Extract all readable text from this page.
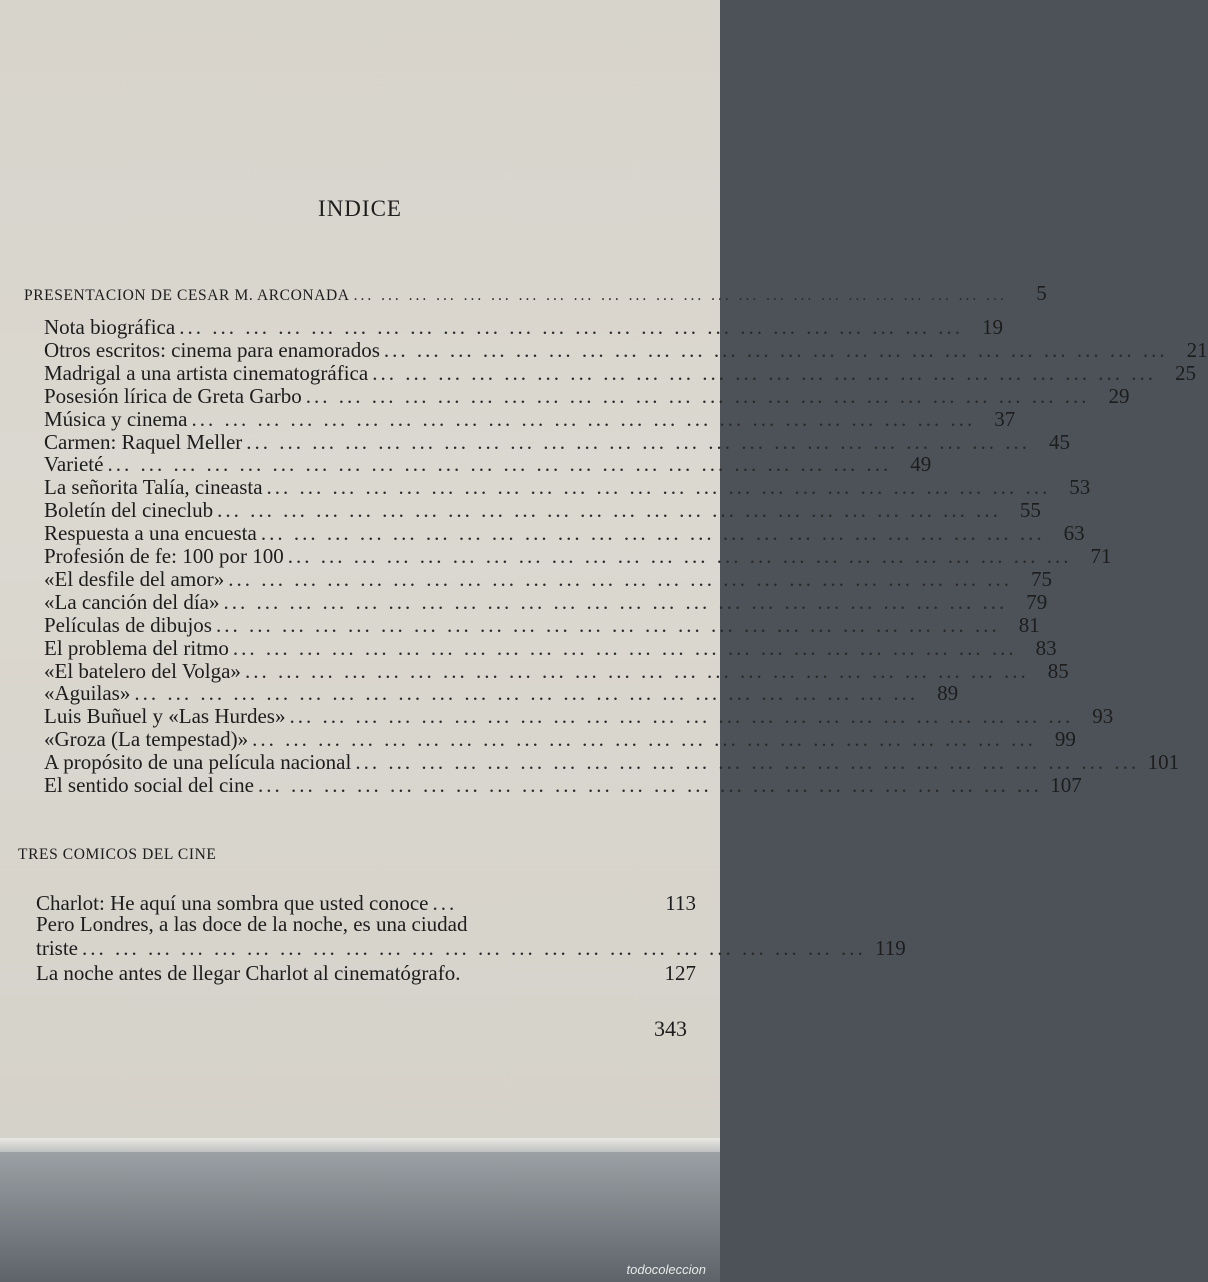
INDICE
PRESENTACION DE CESAR M. ARCONADA ... ... ... ... ... ... ... ... ... ... ... ... ... ... ... ... ... ... ... ... ... ... ... ...	5
Nota biográfica ... ... ... ... ... ... ... ... ... ... ... ... ... ... ... ... ... ... ... ... ... ... ... ... 19
Otros escritos: cinema para enamorados ... ... ... ... ... ... ... ... ... ... ... ... ... ... ... ... ... ... ... ... ... ... ... ... 21
Madrigal a una artista cinematográfica ... ... ... ... ... ... ... ... ... ... ... ... ... ... ... ... ... ... ... ... ... ... ... ... 25
Posesión lírica de Greta Garbo ... ... ... ... ... ... ... ... ... ... ... ... ... ... ... ... ... ... ... ... ... ... ... ... 29
Música y cinema ... ... ... ... ... ... ... ... ... ... ... ... ... ... ... ... ... ... ... ... ... ... ... ... 37
Carmen: Raquel Meller ... ... ... ... ... ... ... ... ... ... ... ... ... ... ... ... ... ... ... ... ... ... ... ... 45
Varieté ... ... ... ... ... ... ... ... ... ... ... ... ... ... ... ... ... ... ... ... ... ... ... ... 49
La señorita Talía, cineasta ... ... ... ... ... ... ... ... ... ... ... ... ... ... ... ... ... ... ... ... ... ... ... ... 53
Boletín del cineclub ... ... ... ... ... ... ... ... ... ... ... ... ... ... ... ... ... ... ... ... ... ... ... ... 55
Respuesta a una encuesta ... ... ... ... ... ... ... ... ... ... ... ... ... ... ... ... ... ... ... ... ... ... ... ... 63
Profesión de fe: 100 por 100 ... ... ... ... ... ... ... ... ... ... ... ... ... ... ... ... ... ... ... ... ... ... ... ... 71
«El desfile del amor» ... ... ... ... ... ... ... ... ... ... ... ... ... ... ... ... ... ... ... ... ... ... ... ... 75
«La canción del día» ... ... ... ... ... ... ... ... ... ... ... ... ... ... ... ... ... ... ... ... ... ... ... ... 79
Películas de dibujos ... ... ... ... ... ... ... ... ... ... ... ... ... ... ... ... ... ... ... ... ... ... ... ... 81
El problema del ritmo ... ... ... ... ... ... ... ... ... ... ... ... ... ... ... ... ... ... ... ... ... ... ... ... 83
«El batelero del Volga» ... ... ... ... ... ... ... ... ... ... ... ... ... ... ... ... ... ... ... ... ... ... ... ... 85
«Aguilas» ... ... ... ... ... ... ... ... ... ... ... ... ... ... ... ... ... ... ... ... ... ... ... ... 89
Luis Buñuel y «Las Hurdes» ... ... ... ... ... ... ... ... ... ... ... ... ... ... ... ... ... ... ... ... ... ... ... ... 93
«Groza (La tempestad)» ... ... ... ... ... ... ... ... ... ... ... ... ... ... ... ... ... ... ... ... ... ... ... ... 99
A propósito de una película nacional ... ... ... ... ... ... ... ... ... ... ... ... ... ... ... ... ... ... ... ... ... ... ... ... 101
El sentido social del cine ... ... ... ... ... ... ... ... ... ... ... ... ... ... ... ... ... ... ... ... ... ... ... ... 107
TRES COMICOS DEL CINE
Charlot: He aquí una sombra que usted conoce ...	113
Pero Londres, a las doce de la noche, es una ciudad
triste ... ... ... ... ... ... ... ... ... ... ... ... ... ... ... ... ... ... ... ... ... ... ... ... 119
La noche antes de llegar Charlot al cinematógrafo.	127
343
todocoleccion
